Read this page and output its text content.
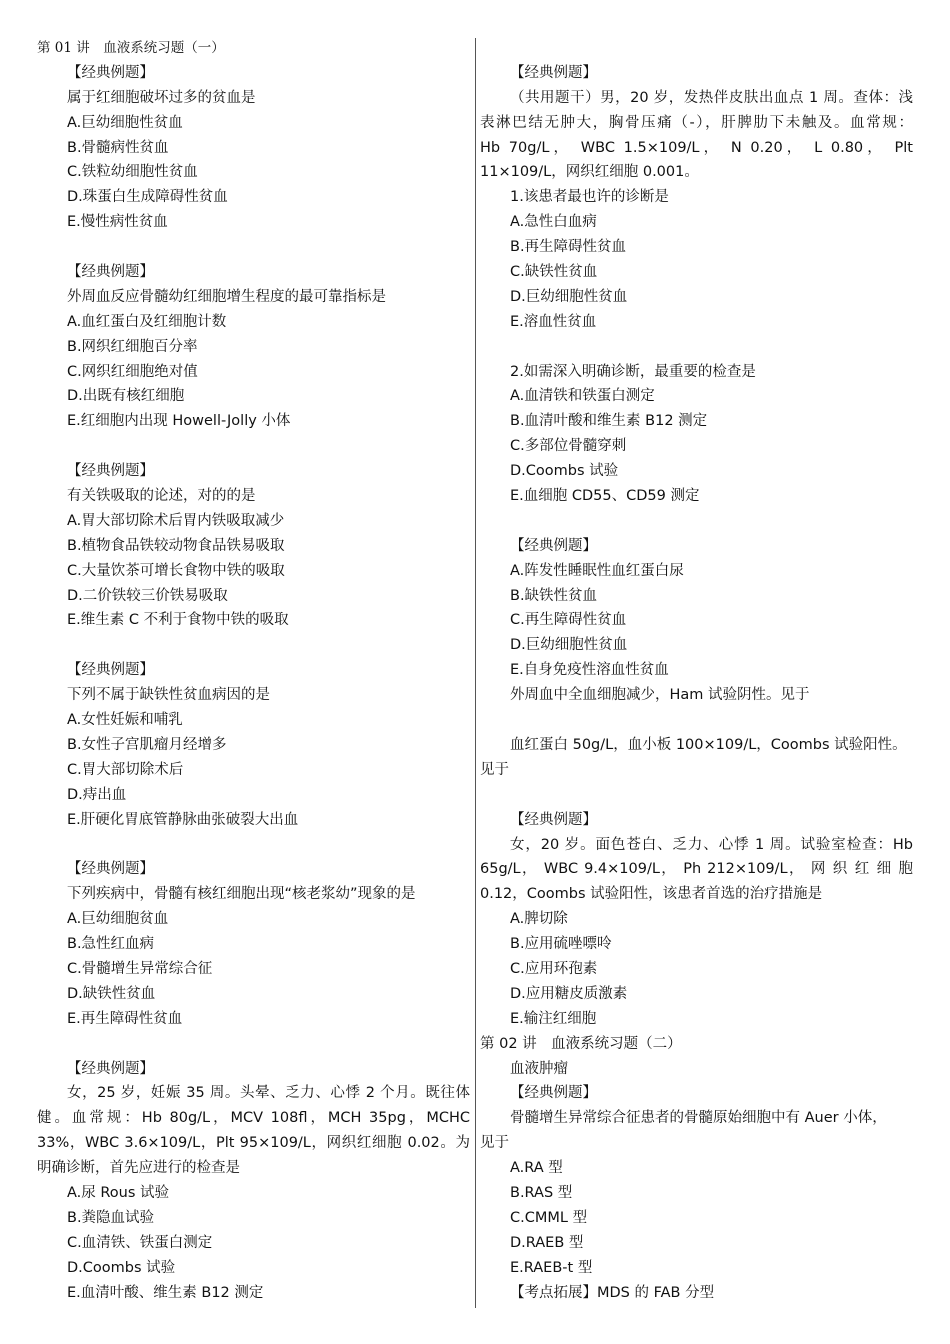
第 01 讲　血液系统习题（一）
【经典例题】
属于红细胞破坏过多的贫血是
A.巨幼细胞性贫血
B.骨髓病性贫血
C.铁粒幼细胞性贫血
D.珠蛋白生成障碍性贫血
E.慢性病性贫血
【经典例题】
外周血反应骨髓幼红细胞增生程度的最可靠指标是
A.血红蛋白及红细胞计数
B.网织红细胞百分率
C.网织红细胞绝对值
D.出既有核红细胞
E.红细胞内出现 Howell-Jolly 小体
【经典例题】
有关铁吸取的论述，对的的是
A.胃大部切除术后胃内铁吸取减少
B.植物食品铁较动物食品铁易吸取
C.大量饮茶可增长食物中铁的吸取
D.二价铁较三价铁易吸取
E.维生素 C 不利于食物中铁的吸取
【经典例题】
下列不属于缺铁性贫血病因的是
A.女性妊娠和哺乳
B.女性子宫肌瘤月经增多
C.胃大部切除术后
D.痔出血
E.肝硬化胃底管静脉曲张破裂大出血
【经典例题】
下列疾病中，骨髓有核红细胞出现“核老浆幼”现象的是
A.巨幼细胞贫血
B.急性红血病
C.骨髓增生异常综合征
D.缺铁性贫血
E.再生障碍性贫血
【经典例题】
女，25 岁，妊娠 35 周。头晕、乏力、心悸 2 个月。既往体
健。血常规：Hb 80g/L，MCV 108fl，MCH 35pg，MCHC
33%，WBC 3.6×109/L，Plt 95×109/L，网织红细胞 0.02。为
明确诊断，首先应进行的检查是
A.尿 Rous 试验
B.粪隐血试验
C.血清铁、铁蛋白测定
D.Coombs 试验
E.血清叶酸、维生素 B12 测定
【经典例题】
（共用题干）男，20 岁，发热伴皮肤出血点 1 周。查体：浅
表淋巴结无肿大，胸骨压痛（-），肝脾肋下未触及。血常规：
Hb 70g/L， WBC 1.5×109/L， N 0.20， L 0.80， Plt
11×109/L，网织红细胞 0.001。
1.该患者最也许的诊断是
A.急性白血病
B.再生障碍性贫血
C.缺铁性贫血
D.巨幼细胞性贫血
E.溶血性贫血
2.如需深入明确诊断，最重要的检查是
A.血清铁和铁蛋白测定
B.血清叶酸和维生素 B12 测定
C.多部位骨髓穿刺
D.Coombs 试验
E.血细胞 CD55、CD59 测定
【经典例题】
A.阵发性睡眠性血红蛋白尿
B.缺铁性贫血
C.再生障碍性贫血
D.巨幼细胞性贫血
E.自身免疫性溶血性贫血
外周血中全血细胞减少，Ham 试验阴性。见于
血红蛋白 50g/L，血小板 100×109/L，Coombs 试验阳性。
见于
【经典例题】
女，20 岁。面色苍白、乏力、心悸 1 周。试验室检查：Hb
65g/L， WBC 9.4×109/L， Ph 212×109/L， 网 织 红 细 胞
0.12，Coombs 试验阳性，该患者首选的治疗措施是
A.脾切除
B.应用硫唑嘌呤
C.应用环孢素
D.应用糖皮质激素
E.输注红细胞
第 02 讲　血液系统习题（二）
血液肿瘤
【经典例题】
骨髓增生异常综合征患者的骨髓原始细胞中有 Auer 小体，
见于
A.RA 型
B.RAS 型
C.CMML 型
D.RAEB 型
E.RAEB-t 型
【考点拓展】MDS 的 FAB 分型
